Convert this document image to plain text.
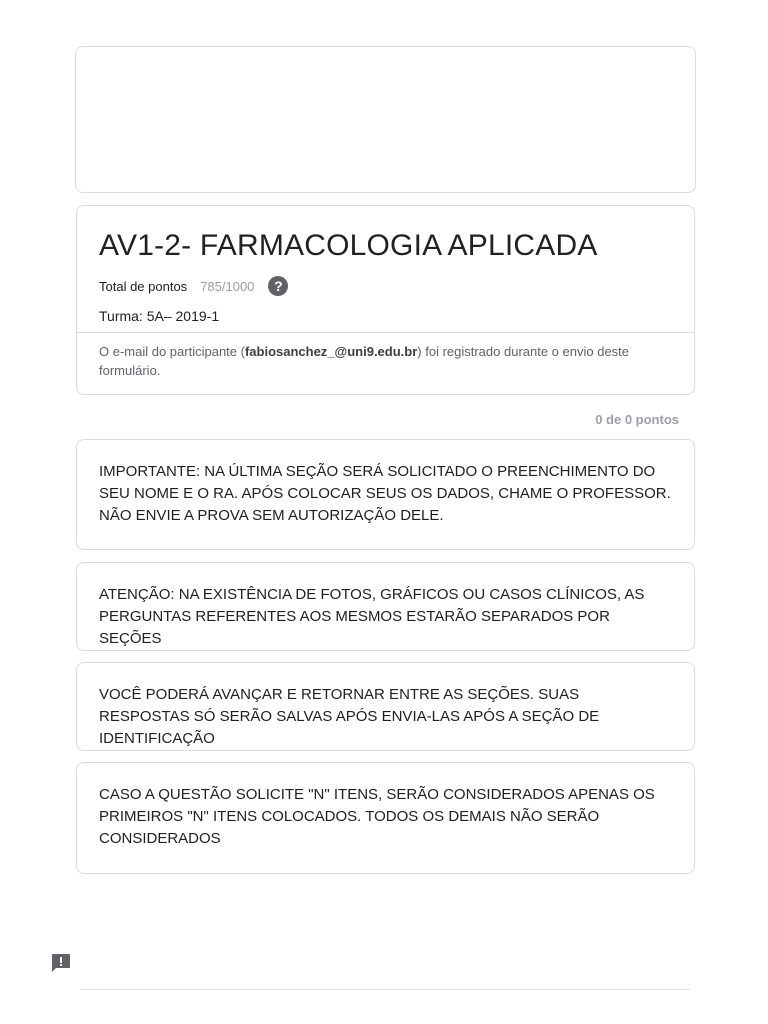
AV1-2- FARMACOLOGIA APLICADA
Total de pontos 785/1000	?
Turma: 5A– 2019-1
O e-mail do participante (fabiosanchez_@uni9.edu.br) foi registrado durante o envio deste formulário.
0 de 0 pontos
IMPORTANTE: NA ÚLTIMA SEÇÃO SERÁ SOLICITADO O PREENCHIMENTO DO SEU NOME E O RA. APÓS COLOCAR SEUS OS DADOS, CHAME O PROFESSOR. NÃO ENVIE A PROVA SEM AUTORIZAÇÃO DELE.
ATENÇÃO: NA EXISTÊNCIA DE FOTOS, GRÁFICOS OU CASOS CLÍNICOS, AS PERGUNTAS REFERENTES AOS MESMOS ESTARÃO SEPARADOS POR SEÇÕES
VOCÊ PODERÁ AVANÇAR E RETORNAR ENTRE AS SEÇÕES. SUAS RESPOSTAS SÓ SERÃO SALVAS APÓS ENVIA-LAS APÓS A SEÇÃO DE IDENTIFICAÇÃO
CASO A QUESTÃO SOLICITE "N" ITENS, SERÃO CONSIDERADOS APENAS OS PRIMEIROS "N" ITENS COLOCADOS. TODOS OS DEMAIS NÃO SERÃO CONSIDERADOS
